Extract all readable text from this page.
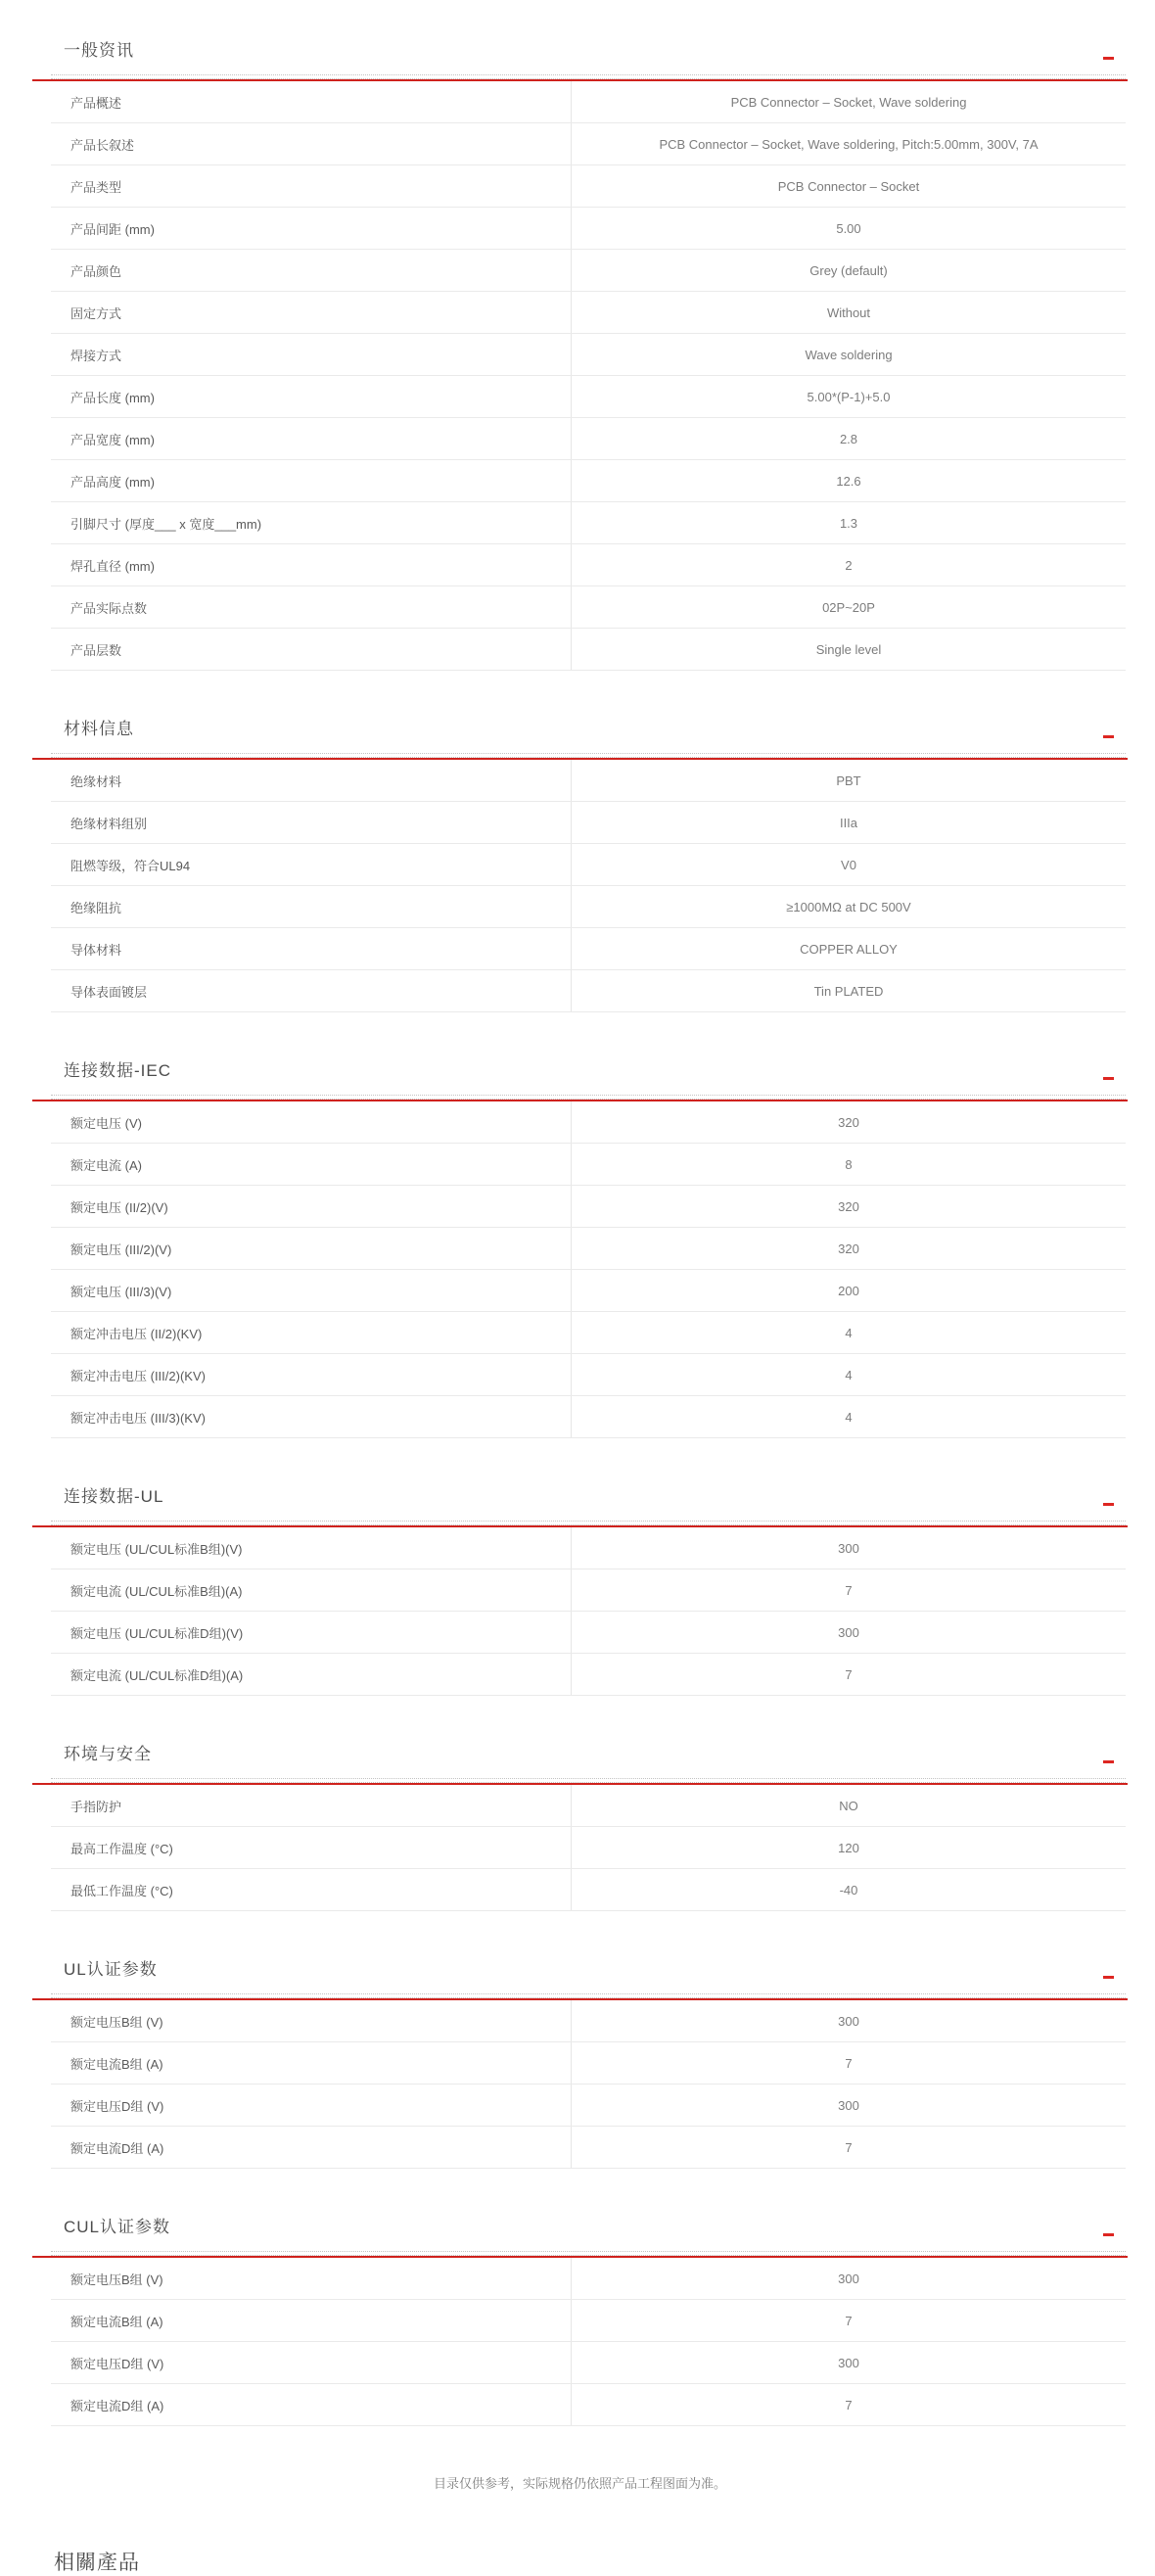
一般资讯
产品概述	PCB Connector – Socket, Wave soldering
产品长叙述	PCB Connector – Socket, Wave soldering, Pitch:5.00mm, 300V, 7A
产品类型	PCB Connector – Socket
产品间距 (mm)	5.00
产品颜色	Grey (default)
固定方式	Without
焊接方式	Wave soldering
产品长度 (mm)	5.00*(P-1)+5.0
产品宽度 (mm)	2.8
产品高度 (mm)	12.6
引脚尺寸 (厚度___ x 宽度___mm)	1.3
焊孔直径 (mm)	2
产品实际点数	02P~20P
产品层数	Single level
材料信息
绝缘材料	PBT
绝缘材料组别	IIIa
阻燃等级，符合UL94	V0
绝缘阻抗	≥1000MΩ at DC 500V
导体材料	COPPER ALLOY
导体表面镀层	Tin PLATED
连接数据-IEC
额定电压 (V)	320
额定电流 (A)	8
额定电压 (II/2)(V)	320
额定电压 (III/2)(V)	320
额定电压 (III/3)(V)	200
额定冲击电压 (II/2)(KV)	4
额定冲击电压 (III/2)(KV)	4
额定冲击电压 (III/3)(KV)	4
连接数据-UL
额定电压 (UL/CUL标准B组)(V)	300
额定电流 (UL/CUL标准B组)(A)	7
额定电压 (UL/CUL标准D组)(V)	300
额定电流 (UL/CUL标准D组)(A)	7
环境与安全
手指防护	NO
最高工作温度 (°C)	120
最低工作温度 (°C)	-40
UL认证参数
额定电压B组 (V)	300
额定电流B组 (A)	7
额定电压D组 (V)	300
额定电流D组 (A)	7
CUL认证参数
额定电压B组 (V)	300
额定电流B组 (A)	7
额定电压D组 (V)	300
额定电流D组 (A)	7
目录仅供参考，实际规格仍依照产品工程图面为准。
相關產品
